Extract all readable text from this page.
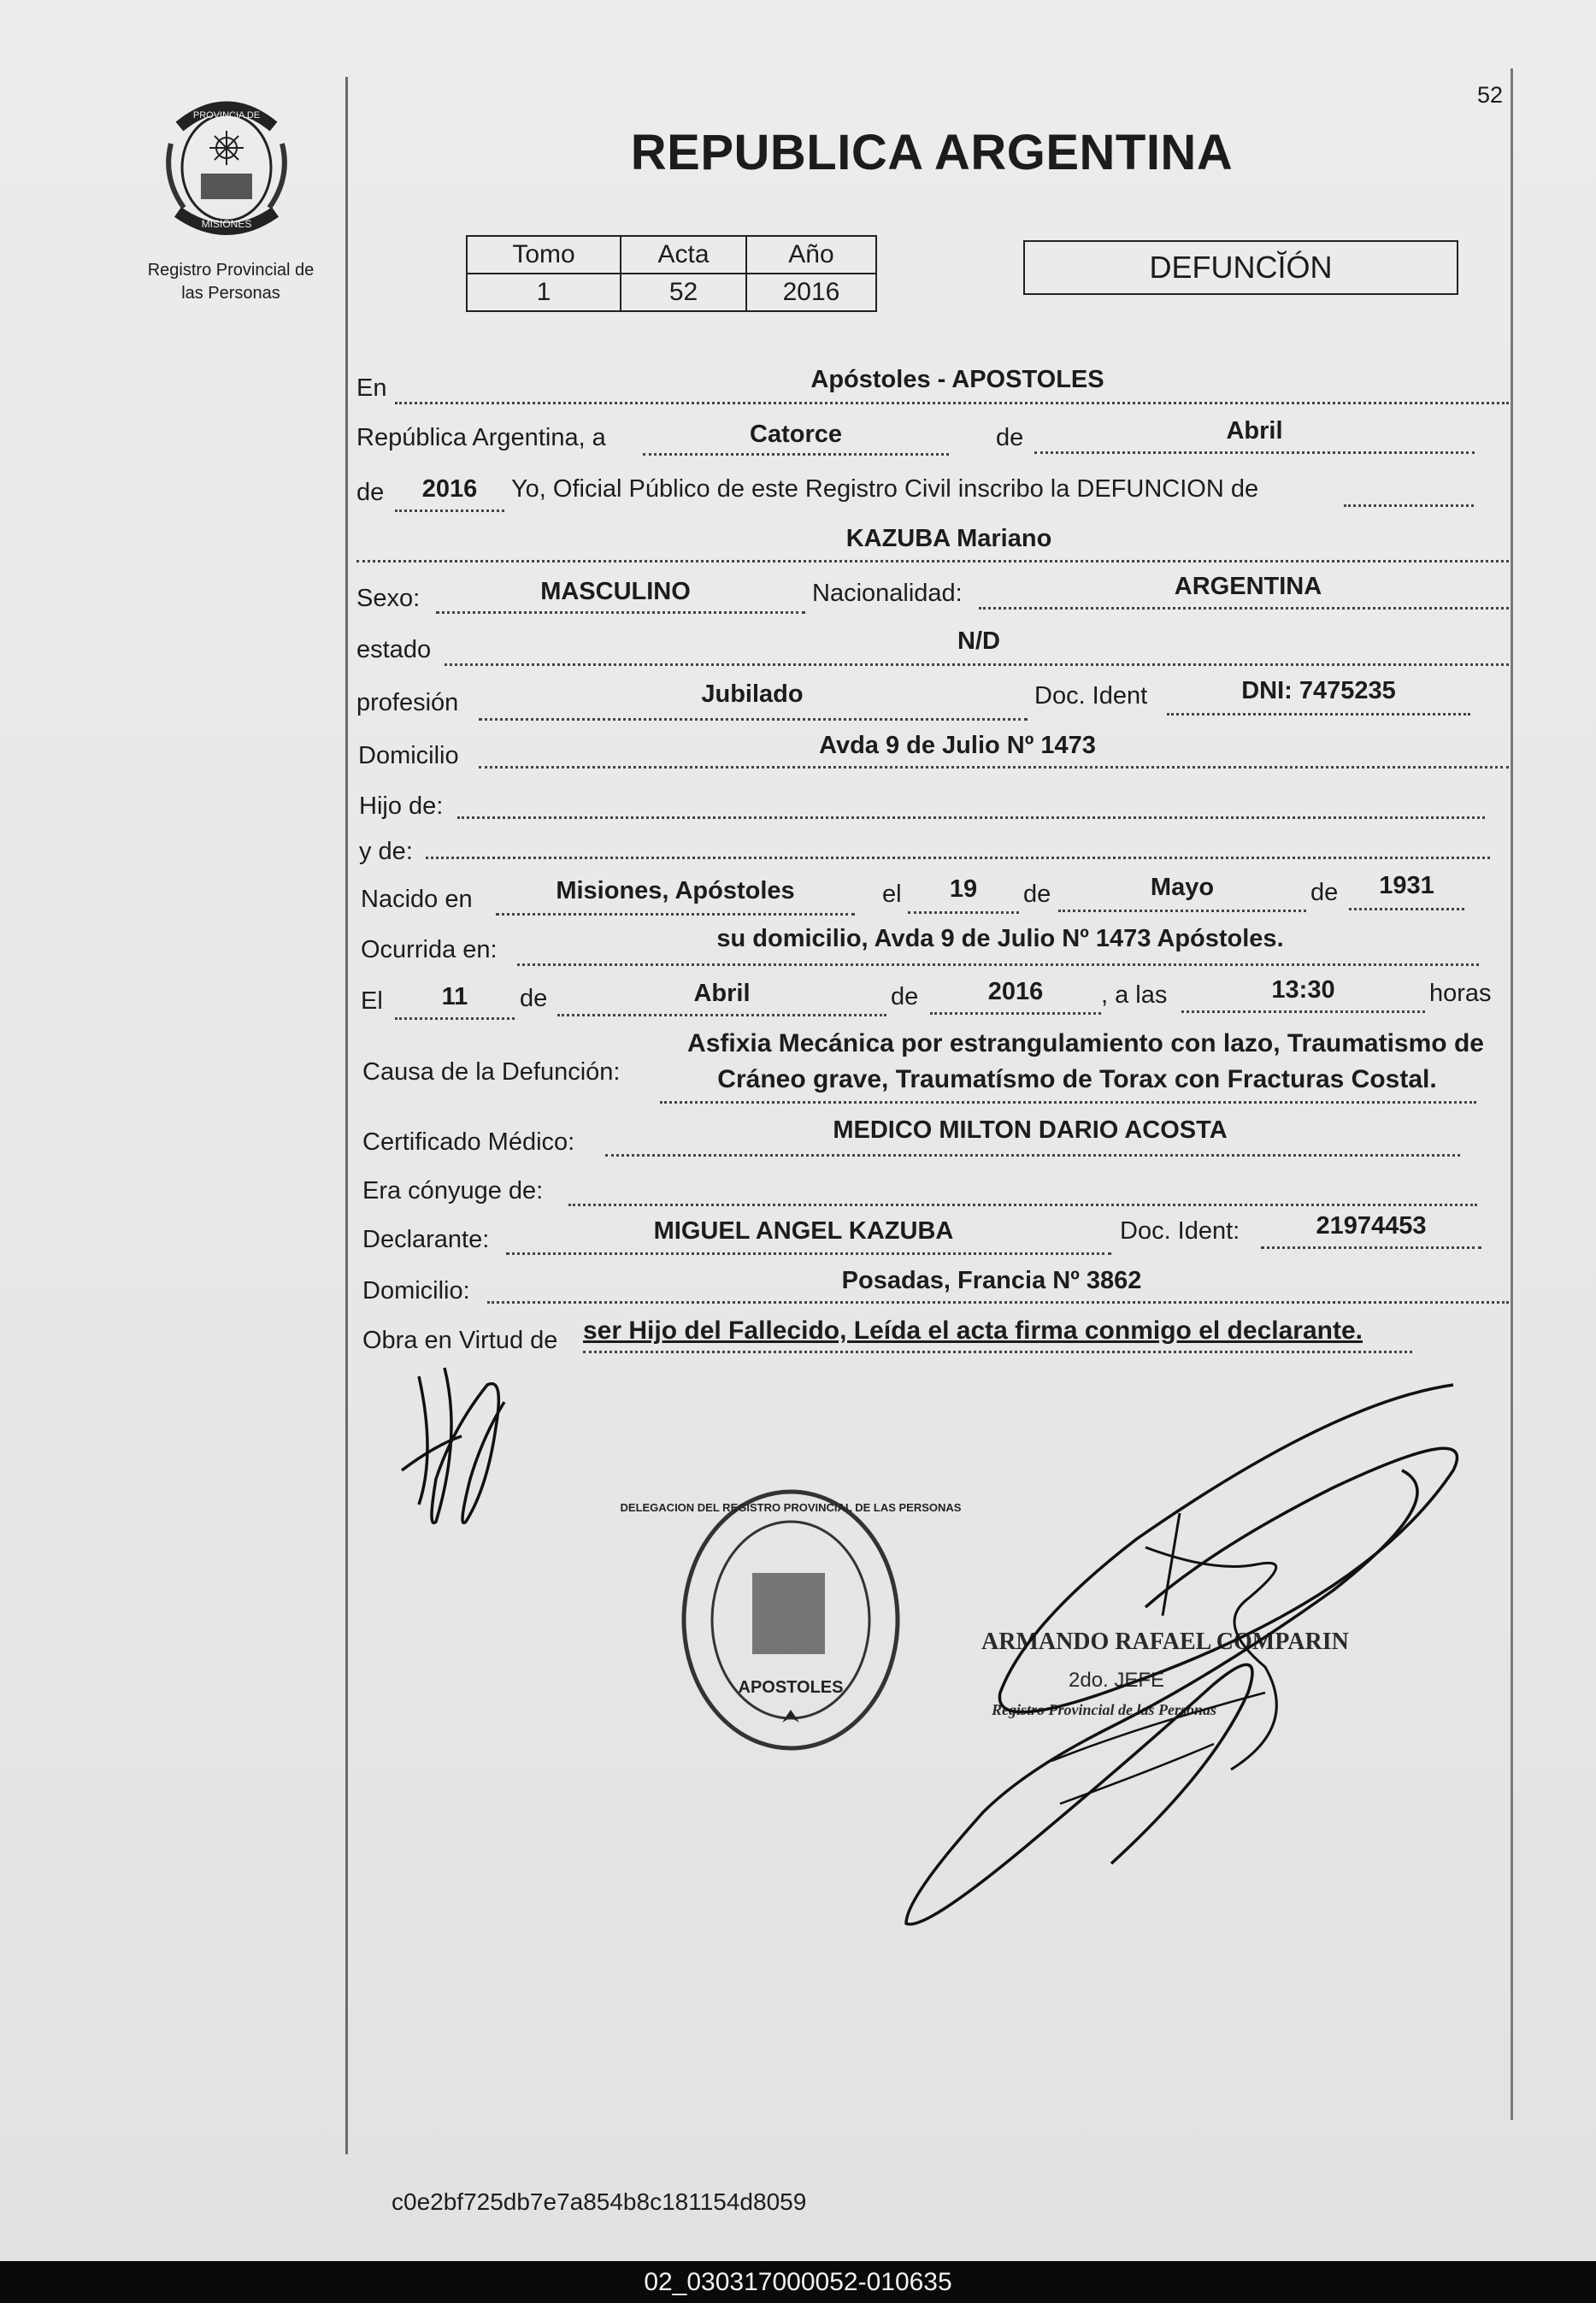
52
PROVINCIA DE
MISIONES
Registro Provincial de
las Personas
REPUBLICA ARGENTINA
Tomo	Acta	Año
1	52	2016
DEFUNCĬÓN
En	Apóstoles - APOSTOLES
República Argentina, a	Catorce	de	Abril
de	2016	Yo, Oficial Público de este Registro Civil inscribo la DEFUNCION de
KAZUBA Mariano
Sexo:	MASCULINO	Nacionalidad:	ARGENTINA
estado	N/D
profesión	Jubilado	Doc. Ident	DNI: 7475235
Domicilio	Avda 9 de Julio Nº 1473
Hijo de:
y de:
Nacido en	Misiones, Apóstoles	el	19	de	Mayo	de	1931
Ocurrida en:	su domicilio, Avda 9 de Julio Nº 1473 Apóstoles.
El	11	de	Abril	de	2016	, a las	13:30	horas
Causa de la Defunción:
Asfixia Mecánica por estrangulamiento con lazo, Traumatismo de
Cráneo grave, Traumatísmo de Torax con Fracturas Costal.
Certificado Médico:	MEDICO MILTON DARIO ACOSTA
Era cónyuge de:
Declarante:	MIGUEL ANGEL KAZUBA	Doc. Ident:	21974453
Domicilio:	Posadas, Francia Nº 3862
Obra en Virtud de ser Hijo del Fallecido, Leída el acta firma conmigo el declarante.
APOSTOLES
DELEGACION DEL REGISTRO PROVINCIAL DE LAS PERSONAS
ARMANDO RAFAEL COMPARIN
2do. JEFE
Registro Provincial de las Personas
c0e2bf725db7e7a854b8c181154d8059
02_030317000052-010635
